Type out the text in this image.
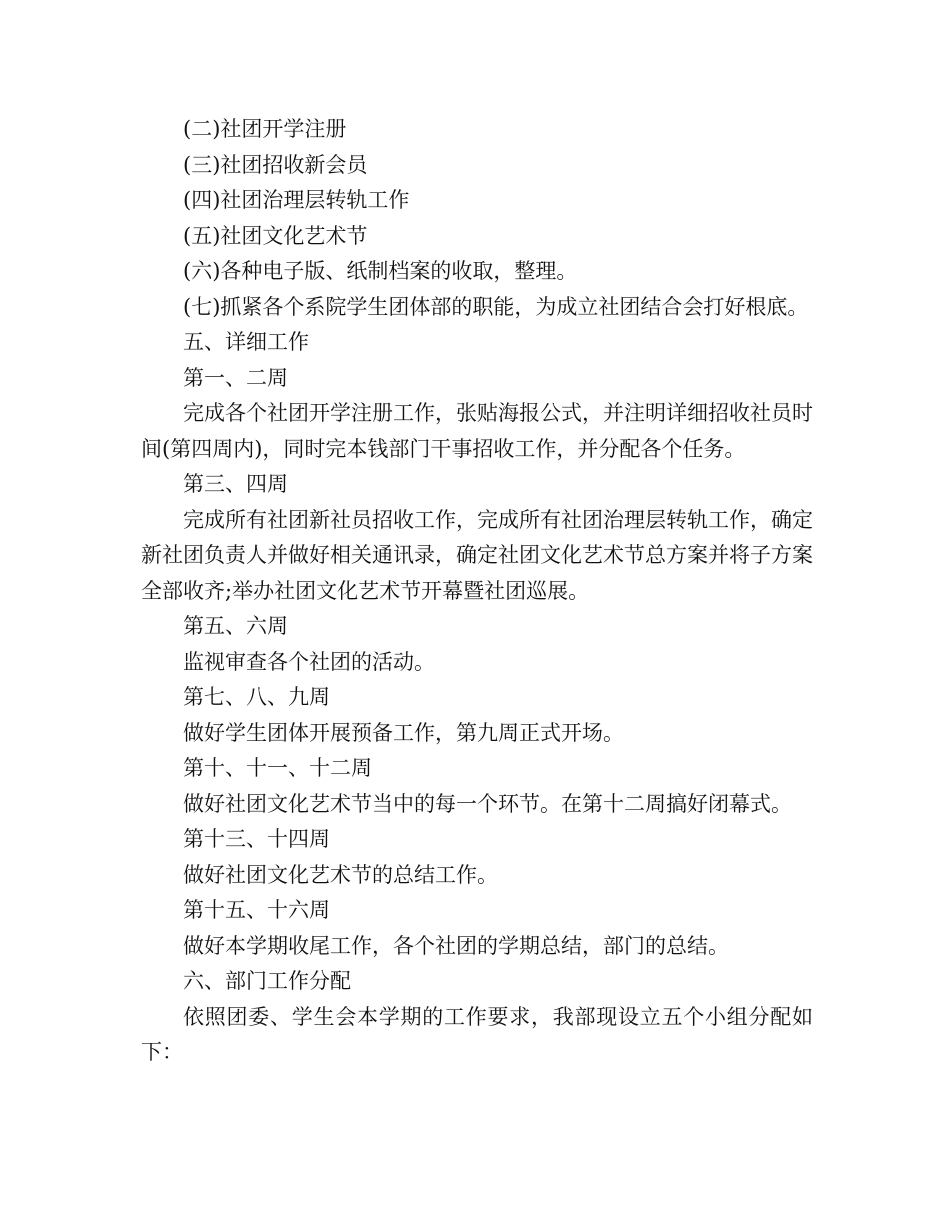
(二)社团开学注册

(三)社团招收新会员

(四)社团治理层转轨工作

(五)社团文化艺术节

(六)各种电子版、纸制档案的收取，整理。

(七)抓紧各个系院学生团体部的职能，为成立社团结合会打好根底。

五、详细工作

第一、二周

完成各个社团开学注册工作，张贴海报公式，并注明详细招收社员时间(第四周内)，同时完本钱部门干事招收工作，并分配各个任务。

第三、四周

完成所有社团新社员招收工作，完成所有社团治理层转轨工作，确定新社团负责人并做好相关通讯录，确定社团文化艺术节总方案并将子方案全部收齐;举办社团文化艺术节开幕暨社团巡展。

第五、六周

监视审查各个社团的活动。

第七、八、九周

做好学生团体开展预备工作，第九周正式开场。

第十、十一、十二周

做好社团文化艺术节当中的每一个环节。在第十二周搞好闭幕式。

第十三、十四周

做好社团文化艺术节的总结工作。

第十五、十六周

做好本学期收尾工作，各个社团的学期总结，部门的总结。

六、部门工作分配

依照团委、学生会本学期的工作要求，我部现设立五个小组分配如下：
